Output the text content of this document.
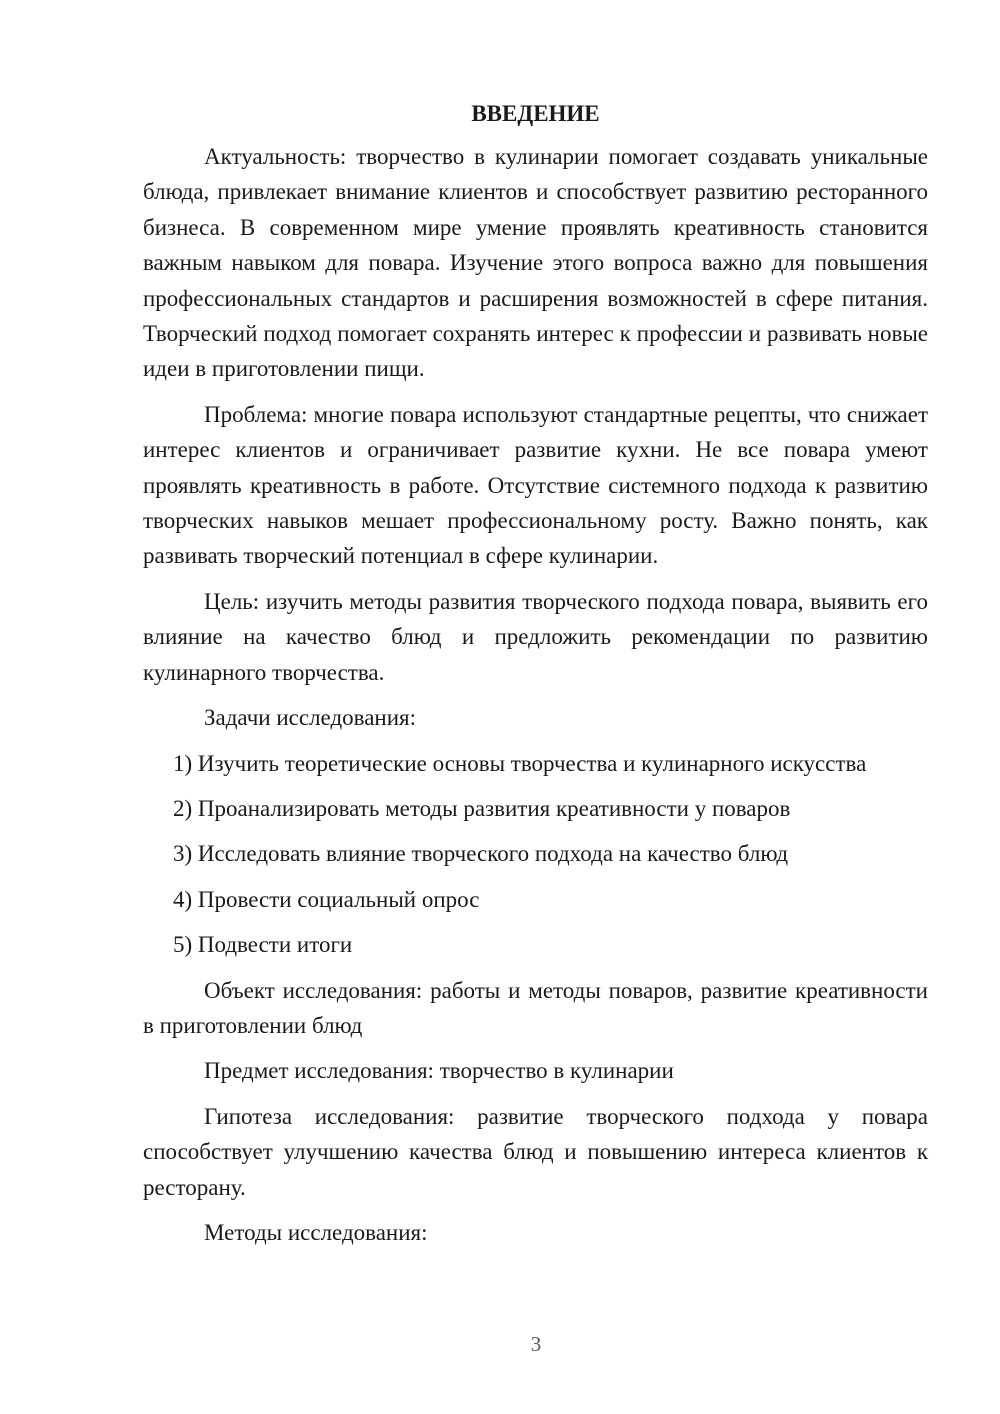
ВВЕДЕНИЕ

Актуальность: творчество в кулинарии помогает создавать уникальные блюда, привлекает внимание клиентов и способствует развитию ресторанного бизнеса. В современном мире умение проявлять креативность становится важным навыком для повара. Изучение этого вопроса важно для повышения профессиональных стандартов и расширения возможностей в сфере питания. Творческий подход помогает сохранять интерес к профессии и развивать новые идеи в приготовлении пищи.

Проблема: многие повара используют стандартные рецепты, что снижает интерес клиентов и ограничивает развитие кухни. Не все повара умеют проявлять креативность в работе. Отсутствие системного подхода к развитию творческих навыков мешает профессиональному росту. Важно понять, как развивать творческий потенциал в сфере кулинарии.

Цель: изучить методы развития творческого подхода повара, выявить его влияние на качество блюд и предложить рекомендации по развитию кулинарного творчества.

Задачи исследования:

1) Изучить теоретические основы творчества и кулинарного искусства
2) Проанализировать методы развития креативности у поваров
3) Исследовать влияние творческого подхода на качество блюд
4) Провести социальный опрос
5) Подвести итоги

Объект исследования: работы и методы поваров, развитие креативности в приготовлении блюд

Предмет исследования: творчество в кулинарии

Гипотеза исследования: развитие творческого подхода у повара способствует улучшению качества блюд и повышению интереса клиентов к ресторану.

Методы исследования:

3
